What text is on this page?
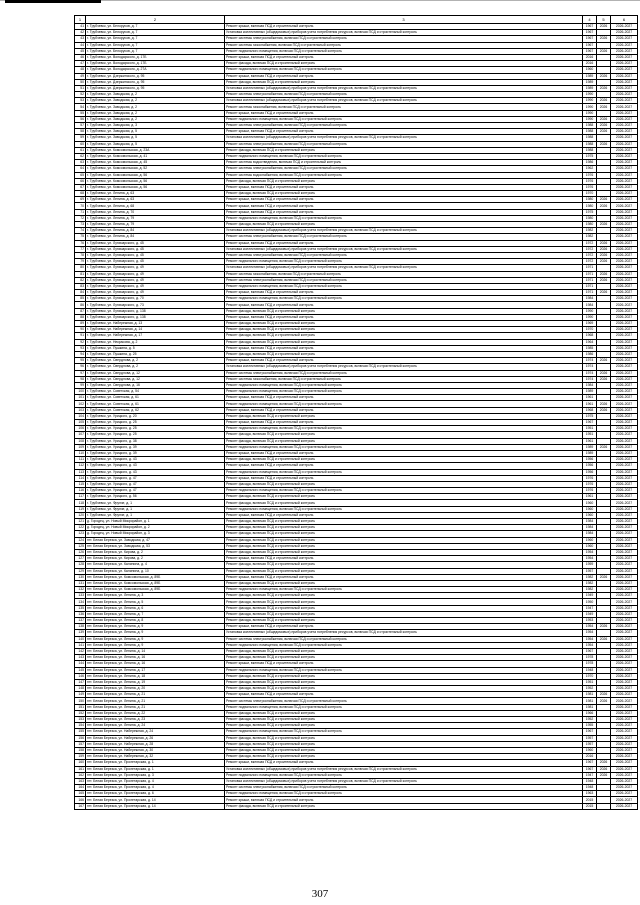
1	2	3	4	5	6
41	г. Трубчевск, ул. Белорусов, д. 7	Ремонт крыши, включая ПСД и строительный контроль	1967	2026	2026-2027
42	г. Трубчевск, ул. Белорусов, д. 7	Установка коллективных (общедомовых) приборов учета потребления ресурсов, включая ПСД и строительный контроль	1967		2026-2027
43	г. Трубчевск, ул. Белорусов, д. 7	Ремонт системы электроснабжения, включая ПСД и строительный контроль	1967	2026	2026-2027
44	г. Трубчевск, ул. Белорусов, д. 7	Ремонт системы газоснабжения, включая ПСД и строительный контроль	1967		2026-2027
45	г. Трубчевск, ул. Белорусов, д. 7	Ремонт подвального помещения, включая ПСД и строительный контроль	1967	2026	2026-2027
46	г. Трубчевск, ул. Володарского, д. 17Б	Ремонт крыши, включая ПСД и строительный контроль	2016		2026-2027
47	г. Трубчевск, ул. Володарского, д. 17Б	Ремонт фасада, включая ПСД и строительный контроль	2016		2026-2027
48	г. Трубчевск, ул. Володарского, д. 27А	Ремонт подвального помещения, включая ПСД и строительный контроль	1960		2026-2027
49	г. Трубчевск, ул. Дзержинского, д. 95	Ремонт крыши, включая ПСД и строительный контроль	1989	2026	2026-2027
50	г. Трубчевск, ул. Дзержинского, д. 95	Ремонт фасада, включая ПСД и строительный контроль	1989		2026-2027
51	г. Трубчевск, ул. Дзержинского, д. 95	Установка коллективных (общедомовых) приборов учета потребления ресурсов, включая ПСД и строительный контроль	1989	2026	2026-2027
52	г. Трубчевск, ул. Заводская, д. 2	Ремонт системы электроснабжения, включая ПСД и строительный контроль	1990		2026-2027
53	г. Трубчевск, ул. Заводская, д. 2	Установка коллективных (общедомовых) приборов учета потребления ресурсов, включая ПСД и строительный контроль	1990	2026	2026-2027
54	г. Трубчевск, ул. Заводская, д. 2	Ремонт системы газоснабжения, включая ПСД и строительный контроль	1990	2026	2026-2027
55	г. Трубчевск, ул. Заводская, д. 2	Ремонт крыши, включая ПСД и строительный контроль	1990		2026-2027
56	г. Трубчевск, ул. Заводская, д. 2	Ремонт подвального помещения, включая ПСД и строительный контроль	1990	2026	2026-2027
57	г. Трубчевск, ул. Заводская, д. 3	Ремонт системы электроснабжения, включая ПСД и строительный контроль	1988	2026	2026-2027
58	г. Трубчевск, ул. Заводская, д. 5	Ремонт крыши, включая ПСД и строительный контроль	1988	2026	2026-2027
59	г. Трубчевск, ул. Заводская, д. 5	Установка коллективных (общедомовых) приборов учета потребления ресурсов, включая ПСД и строительный контроль	1988		2026-2027
60	г. Трубчевск, ул. Заводская, д. 5	Ремонт системы электроснабжения, включая ПСД и строительный контроль	1988	2026	2026-2027
61	г. Трубчевск, ул. Комсомольская, д. 23А	Ремонт фасада, включая ПСД и строительный контроль	1988		2026-2027
62	г. Трубчевск, ул. Комсомольская, д. 41	Ремонт подвального помещения, включая ПСД и строительный контроль	1975		2026-2027
63	г. Трубчевск, ул. Комсомольская, д. 45	Ремонт системы водоотведения, включая ПСД и строительный контроль	1986		2026-2027
64	г. Трубчевск, ул. Комсомольская, д. 52	Ремонт системы электроснабжения, включая ПСД и строительный контроль	1962		2026-2027
65	г. Трубчевск, ул. Комсомольская, д. 56	Ремонт системы водоснабжения, включая ПСД и строительный контроль	1976		2026-2027
66	г. Трубчевск, ул. Комсомольская, д. 56	Ремонт фасада, включая ПСД и строительный контроль	1976		2026-2027
67	г. Трубчевск, ул. Комсомольская, д. 56	Ремонт крыши, включая ПСД и строительный контроль	1976		2026-2027
68	г. Трубчевск, ул. Ленина, д. 63	Ремонт фасада, включая ПСД и строительный контроль	1970		2026-2027
69	г. Трубчевск, ул. Ленина, д. 63	Ремонт крыши, включая ПСД и строительный контроль	1980	2026	2026-2027
70	г. Трубчевск, ул. Ленина, д. 68	Ремонт крыши, включая ПСД и строительный контроль	1980	2026	2026-2027
71	г. Трубчевск, ул. Ленина, д. 70	Ремонт крыши, включая ПСД и строительный контроль	1975		2026-2027
72	г. Трубчевск, ул. Ленина, д. 79	Ремонт подвального помещения, включая ПСД и строительный контроль	1980		2026-2027
73	г. Трубчевск, ул. Ленина, д. 79	Ремонт фасада, включая ПСД и строительный контроль	1980	2026	2026-2027
74	г. Трубчевск, ул. Ленина, д. 84	Установка коллективных (общедомовых) приборов учета потребления ресурсов, включая ПСД и строительный контроль	1982		2026-2027
75	г. Трубчевск, ул. Ленина, д. 84	Ремонт системы электроснабжения, включая ПСД и строительный контроль	1982		2026-2027
76	г. Трубчевск, ул. Луначарского, д. 45	Ремонт крыши, включая ПСД и строительный контроль	1972	2026	2026-2027
77	г. Трубчевск, ул. Луначарского, д. 45	Установка коллективных (общедомовых) приборов учета потребления ресурсов, включая ПСД и строительный контроль	1972	2026	2026-2027
78	г. Трубчевск, ул. Луначарского, д. 45	Ремонт системы электроснабжения, включая ПСД и строительный контроль	1972	2026	2026-2027
79	г. Трубчевск, ул. Луначарского, д. 45	Ремонт подвального помещения, включая ПСД и строительный контроль	1972	2026	2026-2027
80	г. Трубчевск, ул. Луначарского, д. 49	Установка коллективных (общедомовых) приборов учета потребления ресурсов, включая ПСД и строительный контроль	1971		2026-2027
81	г. Трубчевск, ул. Луначарского, д. 49	Ремонт системы газоснабжения, включая ПСД и строительный контроль	1971	2026	2026-2027
82	г. Трубчевск, ул. Луначарского, д. 49	Ремонт системы электроснабжения, включая ПСД и строительный контроль	1971	2026	2026-2027
83	г. Трубчевск, ул. Луначарского, д. 49	Ремонт подвального помещения, включая ПСД и строительный контроль	1971		2026-2027
84	г. Трубчевск, ул. Луначарского, д. 49	Ремонт крыши, включая ПСД и строительный контроль	1971	2026	2026-2027
85	г. Трубчевск, ул. Луначарского, д. 70	Ремонт подвального помещения, включая ПСД и строительный контроль	1984		2026-2027
86	г. Трубчевск, ул. Луначарского, д. 73	Ремонт крыши, включая ПСД и строительный контроль	1984		2026-2027
87	г. Трубчевск, ул. Луначарского, д. 138	Ремонт фасада, включая ПСД и строительный контроль	1990		2026-2027
88	г. Трубчевск, ул. Луначарского, д. 138	Ремонт крыши, включая ПСД и строительный контроль	1990		2026-2027
89	г. Трубчевск, ул. Набережная, д. 13	Ремонт фасада, включая ПСД и строительный контроль	1969		2026-2027
90	г. Трубчевск, ул. Набережная, д. 14	Ремонт фасада, включая ПСД и строительный контроль	1970		2026-2027
91	г. Трубчевск, ул. Набережная, д. 17	Ремонт фасада, включая ПСД и строительный контроль	1968		2026-2027
92	г. Трубчевск, ул. Некрасова, д. 2	Ремонт фасада, включая ПСД и строительный контроль	1964		2026-2027
93	г. Трубчевск, ул. Пушкина, д. 5	Ремонт крыши, включая ПСД и строительный контроль	1985		2026-2027
94	г. Трубчевск, ул. Пушкина, д. 25	Ремонт фасада, включая ПСД и строительный контроль	1986		2026-2027
95	г. Трубчевск, ул. Свердлова, д. 2	Ремонт крыши, включая ПСД и строительный контроль	1974	2026	2026-2027
96	г. Трубчевск, ул. Свердлова, д. 2	Установка коллективных (общедомовых) приборов учета потребления ресурсов, включая ПСД и строительный контроль	1974		2026-2027
97	г. Трубчевск, ул. Свердлова, д. 12	Ремонт системы электроснабжения, включая ПСД и строительный контроль	1974	2026	2026-2027
98	г. Трубчевск, ул. Свердлова, д. 12	Ремонт системы газоснабжения, включая ПСД и строительный контроль	1974	2026	2026-2027
99	г. Трубчевск, ул. Свердлова, д. 16	Ремонт подвального помещения, включая ПСД и строительный контроль	1984		2026-2027
100	г. Трубчевск, ул. Советская, д. 54	Ремонт подвального помещения, включая ПСД и строительный контроль	1989		2026-2027
101	г. Трубчевск, ул. Советская, д. 61	Ремонт крыши, включая ПСД и строительный контроль	1961		2026-2027
102	г. Трубчевск, ул. Советская, д. 61	Ремонт подвального помещения, включая ПСД и строительный контроль	1961	2026	2026-2027
103	г. Трубчевск, ул. Советская, д. 62	Ремонт крыши, включая ПСД и строительный контроль	1968	2026	2026-2027
104	г. Трубчевск, ул. Урицкого, д. 20	Ремонт фасада, включая ПСД и строительный контроль	1975		2026-2027
105	г. Трубчевск, ул. Урицкого, д. 25	Ремонт крыши, включая ПСД и строительный контроль	1967		2026-2027
106	г. Трубчевск, ул. Урицкого, д. 25	Ремонт подвального помещения, включая ПСД и строительный контроль	1951		2026-2027
107	г. Трубчевск, ул. Урицкого, д. 25	Ремонт фасада, включая ПСД и строительный контроль	1951		2026-2027
108	г. Трубчевск, ул. Урицкого, д. 38	Ремонт фасада, включая ПСД и строительный контроль	1961		2026-2027
109	г. Трубчевск, ул. Урицкого, д. 39	Ремонт подвального помещения, включая ПСД и строительный контроль	1989	2026	2026-2027
110	г. Трубчевск, ул. Урицкого, д. 39	Ремонт крыши, включая ПСД и строительный контроль	1989		2026-2027
111	г. Трубчевск, ул. Урицкого, д. 43	Ремонт фасада, включая ПСД и строительный контроль	1956		2026-2027
112	г. Трубчевск, ул. Урицкого, д. 43	Ремонт крыши, включая ПСД и строительный контроль	1956		2026-2027
113	г. Трубчевск, ул. Урицкого, д. 43	Ремонт подвального помещения, включая ПСД и строительный контроль	1956		2026-2027
114	г. Трубчевск, ул. Урицкого, д. 47	Ремонт крыши, включая ПСД и строительный контроль	1976		2026-2027
115	г. Трубчевск, ул. Урицкого, д. 47	Ремонт фасада, включая ПСД и строительный контроль	1976		2026-2027
116	г. Трубчевск, ул. Урицкого, д. 47	Ремонт подвального помещения, включая ПСД и строительный контроль	1976		2026-2027
117	г. Трубчевск, ул. Урицкого, д. 56	Ремонт фасада, включая ПСД и строительный контроль	1961		2026-2027
118	г. Трубчевск, ул. Фрунзе, д. 1	Ремонт фасада, включая ПСД и строительный контроль	1960		2026-2027
119	г. Трубчевск, ул. Фрунзе, д. 1	Ремонт подвального помещения, включая ПСД и строительный контроль	1960		2026-2027
120	г. Трубчевск, ул. Фрунзе, д. 1	Ремонт крыши, включая ПСД и строительный контроль	1960		2026-2027
121	д. Городец, ул. Новый Микрорайон, д. 1	Ремонт фасада, включая ПСД и строительный контроль	1984		2026-2027
122	д. Городец, ул. Новый Микрорайон, д. 2	Ремонт фасада, включая ПСД и строительный контроль	1984		2026-2027
123	д. Городец, ул. Новый Микрорайон, д. 3	Ремонт фасада, включая ПСД и строительный контроль	1984		2026-2027
124	пгт. Белая Березка, ул. Заводская, д. 47	Ремонт фасада, включая ПСД и строительный контроль	1960		2026-2027
125	пгт. Белая Березка, ул. Заводская, д. 53	Ремонт фасада, включая ПСД и строительный контроль	1960		2026-2027
126	пгт. Белая Березка, ул. Кирова, д. 2	Ремонт фасада, включая ПСД и строительный контроль	1954		2026-2027
127	пгт. Белая Березка, ул. Кирова, д. 2	Ремонт крыши, включая ПСД и строительный контроль	1954		2026-2027
128	пгт. Белая Березка, ул. Калинина, д. 4	Ремонт фасада, включая ПСД и строительный контроль	1959		2026-2027
129	пгт. Белая Березка, ул. Калинина, д. 10	Ремонт фасада, включая ПСД и строительный контроль	1957		2026-2027
130	пгт. Белая Березка, ул. Комсомольская, д. 89Б	Ремонт крыши, включая ПСД и строительный контроль	1982	2026	2026-2027
131	пгт. Белая Березка, ул. Комсомольская, д. 89Б	Ремонт фасада, включая ПСД и строительный контроль	1982		2026-2027
132	пгт. Белая Березка, ул. Комсомольская, д. 89Б	Ремонт подвального помещения, включая ПСД и строительный контроль	1982		2026-2027
133	пгт. Белая Березка, ул. Ленина, д. 3	Ремонт фасада, включая ПСД и строительный контроль	1949		2026-2027
134	пгт. Белая Березка, ул. Ленина, д. 5	Ремонт фасада, включая ПСД и строительный контроль	1950		2026-2027
135	пгт. Белая Березка, ул. Ленина, д. 6	Ремонт фасада, включая ПСД и строительный контроль	1947		2026-2027
136	пгт. Белая Березка, ул. Ленина, д. 7	Ремонт фасада, включая ПСД и строительный контроль	1949		2026-2027
137	пгт. Белая Березка, ул. Ленина, д. 8	Ремонт фасада, включая ПСД и строительный контроль	1953		2026-2027
138	пгт. Белая Березка, ул. Ленина, д. 9	Ремонт крыши, включая ПСД и строительный контроль	1954	2026	2026-2027
139	пгт. Белая Березка, ул. Ленина, д. 9	Установка коллективных (общедомовых) приборов учета потребления ресурсов, включая ПСД и строительный контроль	1954		2026-2027
140	пгт. Белая Березка, ул. Ленина, д. 9	Ремонт системы электроснабжения, включая ПСД и строительный контроль	1954	2026	2026-2027
141	пгт. Белая Березка, ул. Ленина, д. 9	Ремонт подвального помещения, включая ПСД и строительный контроль	1954		2026-2027
142	пгт. Белая Березка, ул. Ленина, д. 14	Ремонт фасада, включая ПСД и строительный контроль	1967		2026-2027
143	пгт. Белая Березка, ул. Ленина, д. 16	Ремонт фасада, включая ПСД и строительный контроль	1978		2026-2027
144	пгт. Белая Березка, ул. Ленина, д. 16	Ремонт крыши, включая ПСД и строительный контроль	1978		2026-2027
145	пгт. Белая Березка, ул. Ленина, д. 17	Ремонт подвального помещения, включая ПСД и строительный контроль	1948		2026-2027
146	пгт. Белая Березка, ул. Ленина, д. 18	Ремонт фасада, включая ПСД и строительный контроль	1970		2026-2027
147	пгт. Белая Березка, ул. Ленина, д. 19	Ремонт фасада, включая ПСД и строительный контроль	1951		2026-2027
148	пгт. Белая Березка, ул. Ленина, д. 20	Ремонт фасада, включая ПСД и строительный контроль	1952		2026-2027
149	пгт. Белая Березка, ул. Ленина, д. 21	Ремонт крыши, включая ПСД и строительный контроль	1981	2026	2026-2027
150	пгт. Белая Березка, ул. Ленина, д. 21	Ремонт системы электроснабжения, включая ПСД и строительный контроль	1981	2026	2026-2027
151	пгт. Белая Березка, ул. Ленина, д. 21	Ремонт подвального помещения, включая ПСД и строительный контроль	1981		2026-2027
152	пгт. Белая Березка, ул. Ленина, д. 22	Ремонт фасада, включая ПСД и строительный контроль	1966		2026-2027
153	пгт. Белая Березка, ул. Ленина, д. 23	Ремонт фасада, включая ПСД и строительный контроль	1952		2026-2027
154	пгт. Белая Березка, ул. Ленина, д. 24	Ремонт фасада, включая ПСД и строительный контроль	1955		2026-2027
155	пгт. Белая Березка, ул. Набережная, д. 24	Ремонт подвального помещения, включая ПСД и строительный контроль	1967		2026-2027
156	пгт. Белая Березка, ул. Набережная, д. 26	Ремонт фасада, включая ПСД и строительный контроль	1957		2026-2027
157	пгт. Белая Березка, ул. Набережная, д. 28	Ремонт фасада, включая ПСД и строительный контроль	1957		2026-2027
158	пгт. Белая Березка, ул. Набережная, д. 30	Ремонт фасада, включая ПСД и строительный контроль	1960		2026-2027
159	пгт. Белая Березка, ул. Набережная, д. 32	Ремонт фасада, включая ПСД и строительный контроль	2016		2026-2027
160	пгт. Белая Березка, ул. Пролетарская, д. 1	Ремонт крыши, включая ПСД и строительный контроль	1967	2026	2026-2027
161	пгт. Белая Березка, ул. Пролетарская, д. 1	Установка коллективных (общедомовых) приборов учета потребления ресурсов, включая ПСД и строительный контроль	1967	2026	2026-2027
162	пгт. Белая Березка, ул. Пролетарская, д. 3	Ремонт подвального помещения, включая ПСД и строительный контроль	1947	2026	2026-2027
163	пгт. Белая Березка, ул. Пролетарская, д. 4	Установка коллективных (общедомовых) приборов учета потребления ресурсов, включая ПСД и строительный контроль	1948		2026-2027
164	пгт. Белая Березка, ул. Пролетарская, д. 4	Ремонт системы электроснабжения, включая ПСД и строительный контроль	1948		2026-2027
165	пгт. Белая Березка, ул. Пролетарская, д. 6	Ремонт подвального помещения, включая ПСД и строительный контроль	1963		2026-2027
166	пгт. Белая Березка, ул. Пролетарская, д. 14	Ремонт крыши, включая ПСД и строительный контроль	2015		2026-2027
167	пгт. Белая Березка, ул. Пролетарская, д. 14	Ремонт фасада, включая ПСД и строительный контроль	2015		2026-2027
307
